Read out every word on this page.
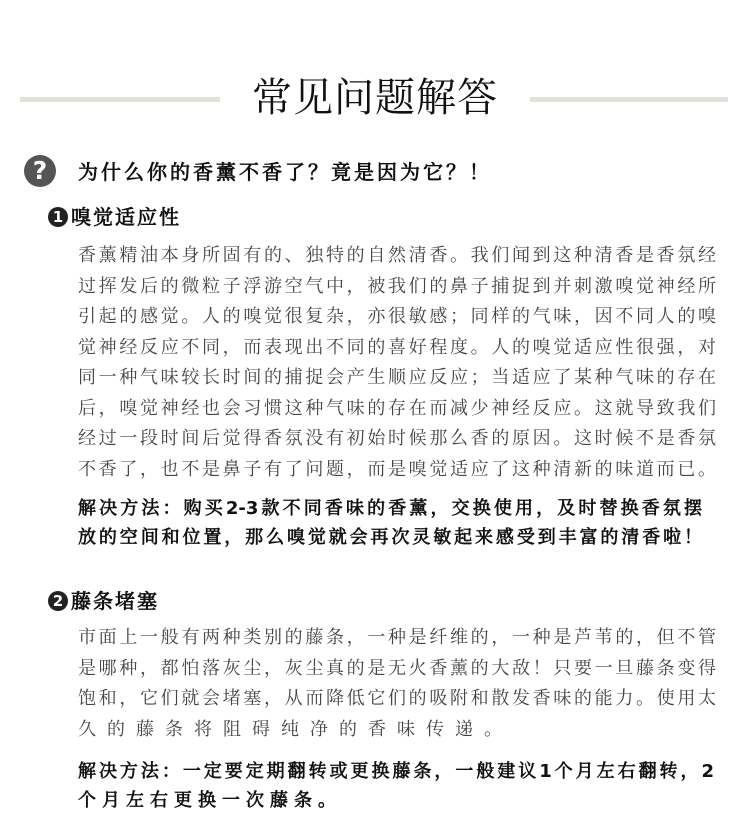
常见问题解答
?	为什么你的香薰不香了？竟是因为它？！
1 嗅觉适应性
香薰精油本身所固有的、独特的自然清香。我们闻到这种清香是香氛经
过挥发后的微粒子浮游空气中，被我们的鼻子捕捉到并刺激嗅觉神经所
引起的感觉。人的嗅觉很复杂，亦很敏感；同样的气味，因不同人的嗅
觉神经反应不同，而表现出不同的喜好程度。人的嗅觉适应性很强，对
同一种气味较长时间的捕捉会产生顺应反应；当适应了某种气味的存在
后，嗅觉神经也会习惯这种气味的存在而减少神经反应。这就导致我们
经过一段时间后觉得香氛没有初始时候那么香的原因。这时候不是香氛
不香了，也不是鼻子有了问题，而是嗅觉适应了这种清新的味道而已。
解决方法：购买2-3款不同香味的香薰，交换使用，及时替换香氛摆
放的空间和位置，那么嗅觉就会再次灵敏起来感受到丰富的清香啦！
2 藤条堵塞
市面上一般有两种类别的藤条，一种是纤维的，一种是芦苇的，但不管
是哪种，都怕落灰尘，灰尘真的是无火香薰的大敌！只要一旦藤条变得
饱和，它们就会堵塞，从而降低它们的吸附和散发香味的能力。使用太
久的藤条将阻碍纯净的香味传递。
解决方法：一定要定期翻转或更换藤条，一般建议1个月左右翻转，2
个月左右更换一次藤条。
